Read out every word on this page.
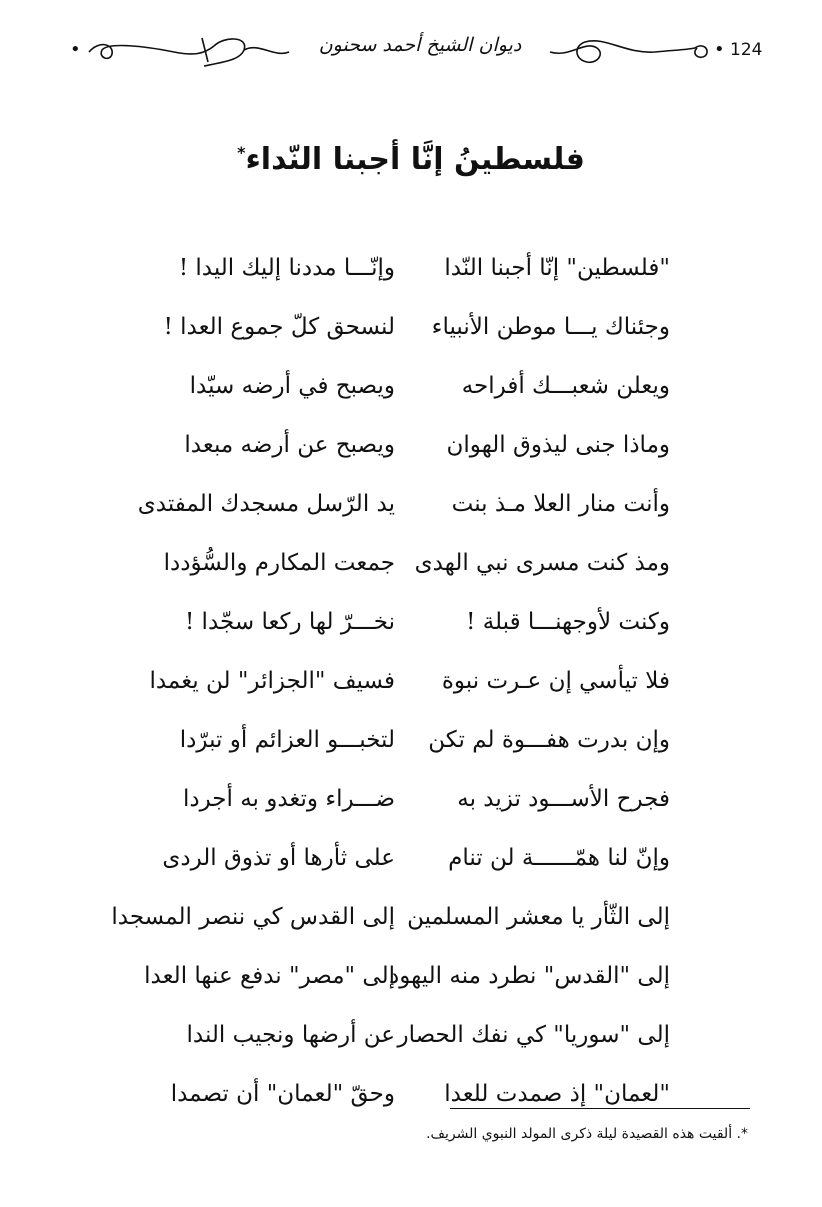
•	ديوان الشيخ أحمد سحنون	• 124
فلسطينُ إنَّا أجبنا النّداء*
"فلسطين" إنّا أجبنا النّدا
وإنّـــا مددنا إليك اليدا !
وجئناك يـــا موطن الأنبياء
لنسحق كلّ جموع العدا !
ويعلن شعبـــك أفراحه
ويصبح في أرضه سيّدا
وماذا جنى ليذوق الهوان
ويصبح عن أرضه مبعدا
وأنت منار العلا مـذ بنت
يد الرّسل مسجدك المفتدى
ومذ كنت مسرى نبي الهدى
جمعت المكارم والسُّؤددا
وكنت لأوجهنـــا قبلة !
نخـــرّ لها ركعا سجّدا !
فلا تيأسي إن عـرت نبوة
فسيف "الجزائر" لن يغمدا
وإن بدرت هفـــوة لم تكن
لتخبـــو العزائم أو تبرّدا
فجرح الأســـود تزيد به
ضـــراء وتغدو به أجردا
وإنّ لنا همّــــــة لن تنام
على ثأرها أو تذوق الردى
إلى الثّأر يا معشر المسلمين
إلى القدس كي ننصر المسجدا
إلى "القدس" نطرد منه اليهود
إلى "مصر" ندفع عنها العدا
إلى "سوريا" كي نفك الحصار
عن أرضها ونجيب الندا
"لعمان" إذ صمدت للعدا
وحقّ "لعمان" أن تصمدا
*. ألقيت هذه القصيدة ليلة ذكرى المولد النبوي الشريف.
